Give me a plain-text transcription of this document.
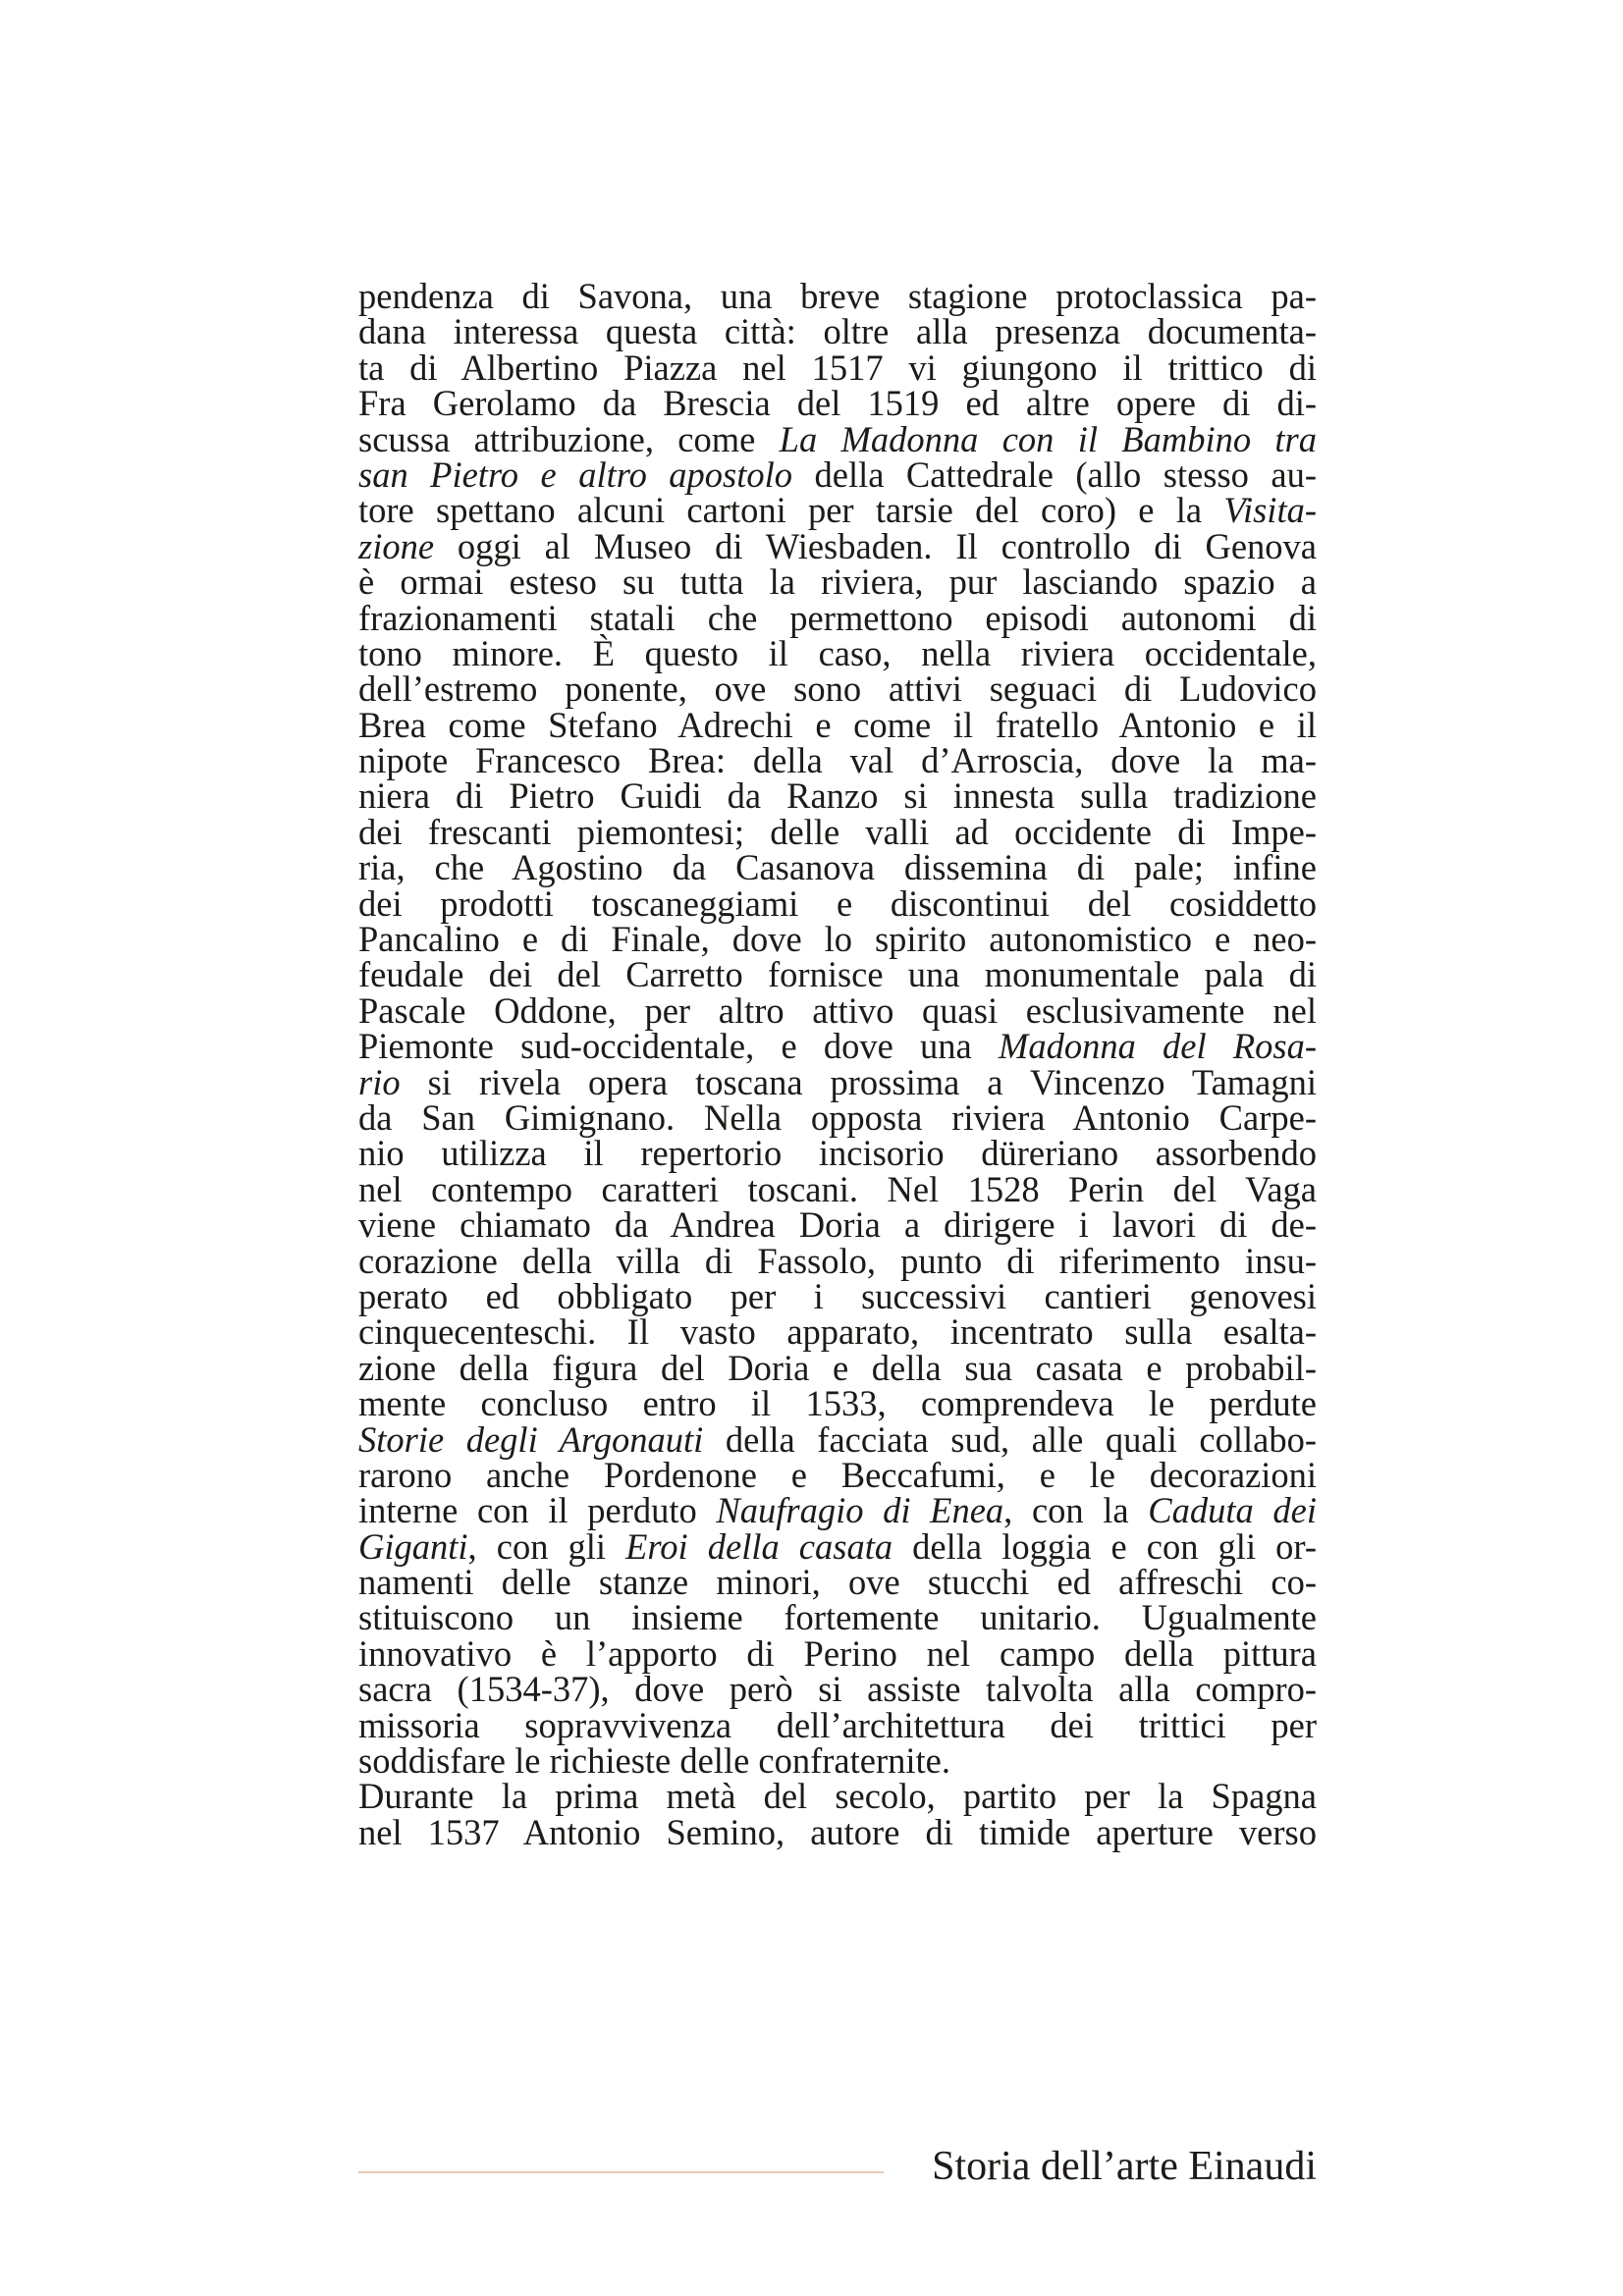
pendenza di Savona, una breve stagione protoclassica pa-
dana interessa questa città: oltre alla presenza documenta-
ta di Albertino Piazza nel 1517 vi giungono il trittico di
Fra Gerolamo da Brescia del 1519 ed altre opere di di-
scussa attribuzione, come La Madonna con il Bambino tra
san Pietro e altro apostolo della Cattedrale (allo stesso au-
tore spettano alcuni cartoni per tarsie del coro) e la Visita-
zione oggi al Museo di Wiesbaden. Il controllo di Genova
è ormai esteso su tutta la riviera, pur lasciando spazio a
frazionamenti statali che permettono episodi autonomi di
tono minore. È questo il caso, nella riviera occidentale,
dell’estremo ponente, ove sono attivi seguaci di Ludovico
Brea come Stefano Adrechi e come il fratello Antonio e il
nipote Francesco Brea: della val d’Arroscia, dove la ma-
niera di Pietro Guidi da Ranzo si innesta sulla tradizione
dei frescanti piemontesi; delle valli ad occidente di Impe-
ria, che Agostino da Casanova dissemina di pale; infine
dei prodotti toscaneggiami e discontinui del cosiddetto
Pancalino e di Finale, dove lo spirito autonomistico e neo-
feudale dei del Carretto fornisce una monumentale pala di
Pascale Oddone, per altro attivo quasi esclusivamente nel
Piemonte sud-occidentale, e dove una Madonna del Rosa-
rio si rivela opera toscana prossima a Vincenzo Tamagni
da San Gimignano. Nella opposta riviera Antonio Carpe-
nio utilizza il repertorio incisorio düreriano assorbendo
nel contempo caratteri toscani. Nel 1528 Perin del Vaga
viene chiamato da Andrea Doria a dirigere i lavori di de-
corazione della villa di Fassolo, punto di riferimento insu-
perato ed obbligato per i successivi cantieri genovesi
cinquecenteschi. Il vasto apparato, incentrato sulla esalta-
zione della figura del Doria e della sua casata e probabil-
mente concluso entro il 1533, comprendeva le perdute
Storie degli Argonauti della facciata sud, alle quali collabo-
rarono anche Pordenone e Beccafumi, e le decorazioni
interne con il perduto Naufragio di Enea, con la Caduta dei
Giganti, con gli Eroi della casata della loggia e con gli or-
namenti delle stanze minori, ove stucchi ed affreschi co-
stituiscono un insieme fortemente unitario. Ugualmente
innovativo è l’apporto di Perino nel campo della pittura
sacra (1534-37), dove però si assiste talvolta alla compro-
missoria sopravvivenza dell’architettura dei trittici per
soddisfare le richieste delle confraternite.
Durante la prima metà del secolo, partito per la Spagna
nel 1537 Antonio Semino, autore di timide aperture verso
Storia dell’arte Einaudi
